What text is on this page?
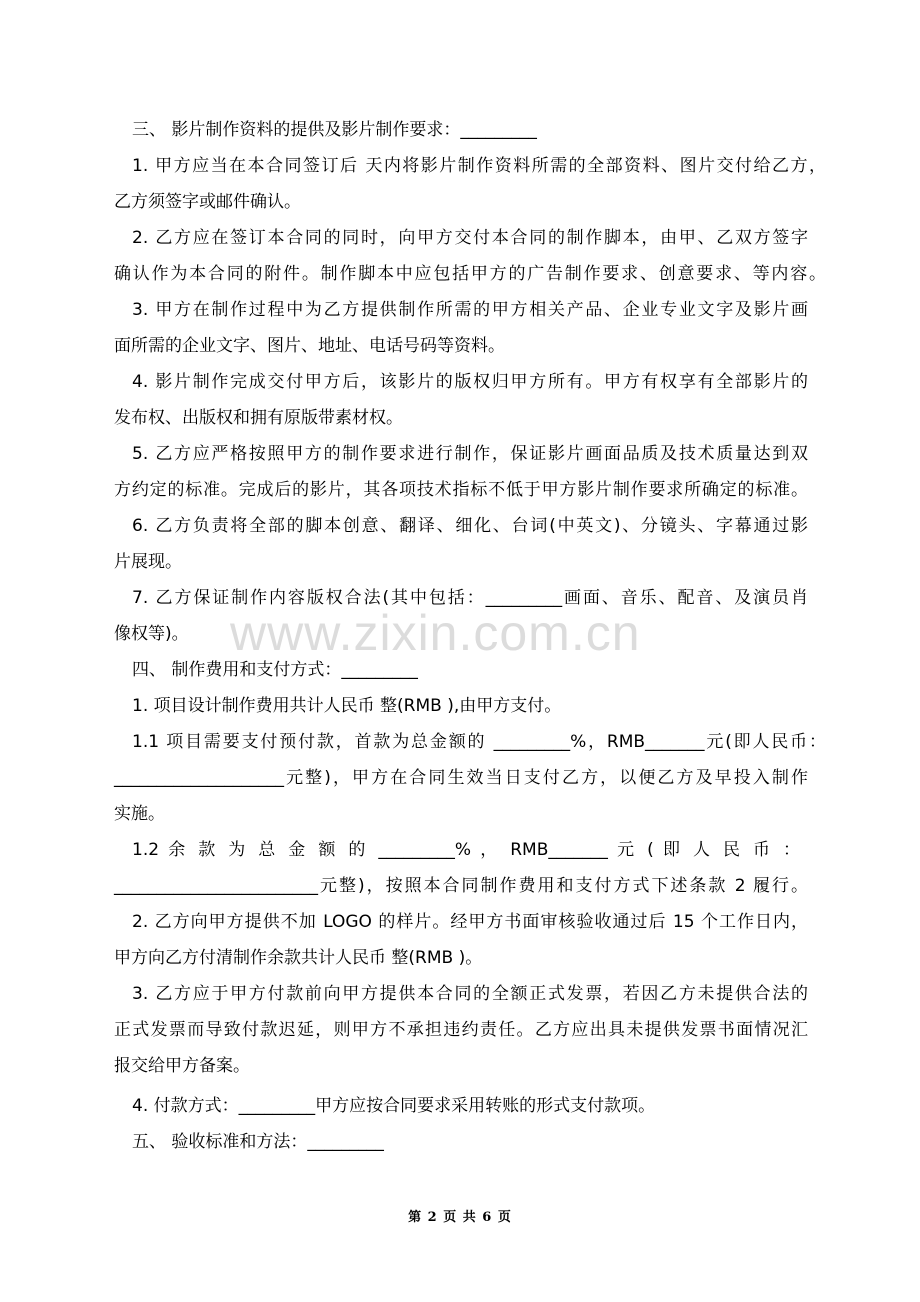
www.zixin.com.cn
三、 影片制作资料的提供及影片制作要求：_________
1. 甲方应当在本合同签订后 天内将影片制作资料所需的全部资料、图片交付给乙方，
乙方须签字或邮件确认。
2. 乙方应在签订本合同的同时，向甲方交付本合同的制作脚本，由甲、乙双方签字
确认作为本合同的附件。制作脚本中应包括甲方的广告制作要求、创意要求、等内容。
3. 甲方在制作过程中为乙方提供制作所需的甲方相关产品、企业专业文字及影片画
面所需的企业文字、图片、地址、电话号码等资料。
4. 影片制作完成交付甲方后，该影片的版权归甲方所有。甲方有权享有全部影片的
发布权、出版权和拥有原版带素材权。
5. 乙方应严格按照甲方的制作要求进行制作，保证影片画面品质及技术质量达到双
方约定的标准。完成后的影片，其各项技术指标不低于甲方影片制作要求所确定的标准。
6. 乙方负责将全部的脚本创意、翻译、细化、台词(中英文)、分镜头、字幕通过影
片展现。
7. 乙方保证制作内容版权合法(其中包括：_________画面、音乐、配音、及演员肖
像权等)。
四、 制作费用和支付方式：_________
1. 项目设计制作费用共计人民币 整(RMB ),由甲方支付。
1.1 项目需要支付预付款，首款为总金额的 _________%，RMB_______元(即人民币：
____________________元整)，甲方在合同生效当日支付乙方，以便乙方及早投入制作
实施。
1.2 余 款 为 总 金 额 的 _________% ， RMB_______ 元 ( 即 人 民 币 ：
________________________元整)，按照本合同制作费用和支付方式下述条款 2 履行。
2. 乙方向甲方提供不加 LOGO 的样片。经甲方书面审核验收通过后 15 个工作日内，
甲方向乙方付清制作余款共计人民币 整(RMB )。
3. 乙方应于甲方付款前向甲方提供本合同的全额正式发票，若因乙方未提供合法的
正式发票而导致付款迟延，则甲方不承担违约责任。乙方应出具未提供发票书面情况汇
报交给甲方备案。
4. 付款方式：_________甲方应按合同要求采用转账的形式支付款项。
五、 验收标准和方法：_________
第 2 页 共 6 页
